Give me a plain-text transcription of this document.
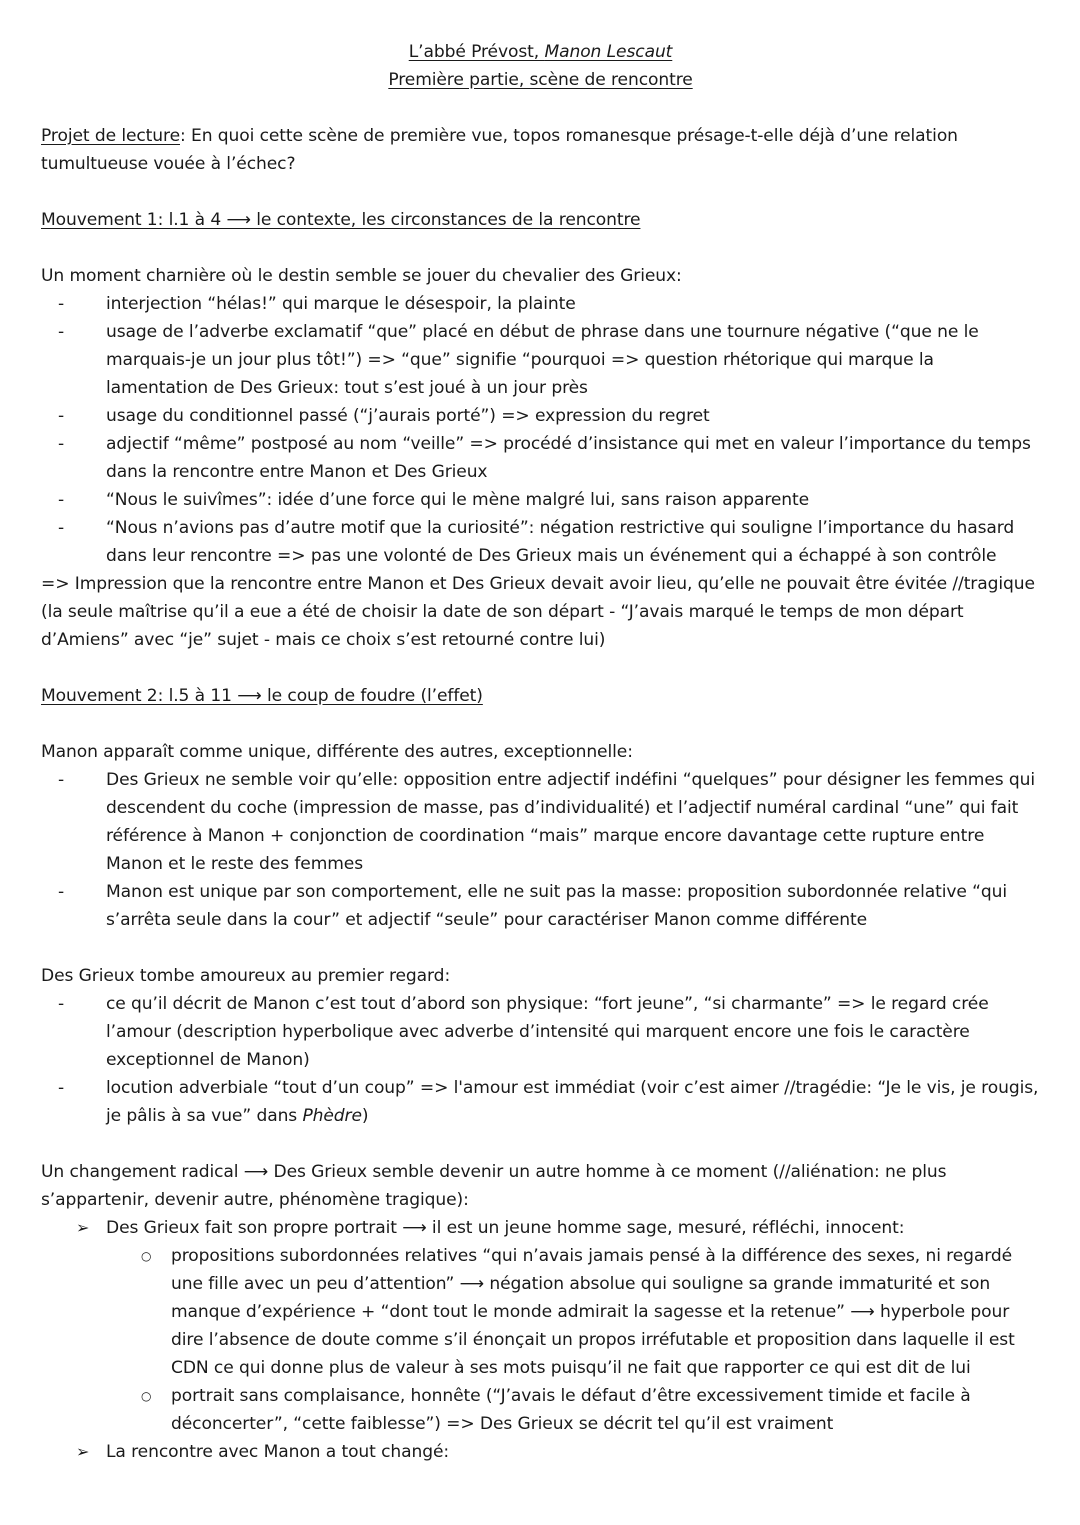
L’abbé Prévost, Manon Lescaut

Première partie, scène de rencontre

Projet de lecture: En quoi cette scène de première vue, topos romanesque présage-t-elle déjà d’une relation tumultueuse vouée à l’échec?

Mouvement 1: l.1 à 4 ⟶ le contexte, les circonstances de la rencontre

Un moment charnière où le destin semble se jouer du chevalier des Grieux:

- interjection “hélas!” qui marque le désespoir, la plainte
- usage de l’adverbe exclamatif “que” placé en début de phrase dans une tournure négative (“que ne le marquais-je un jour plus tôt!”) => “que” signifie “pourquoi => question rhétorique qui marque la lamentation de Des Grieux: tout s’est joué à un jour près
- usage du conditionnel passé (“j’aurais porté”) => expression du regret
- adjectif “même” postposé au nom “veille” => procédé d’insistance qui met en valeur l’importance du temps dans la rencontre entre Manon et Des Grieux
- “Nous le suivîmes”: idée d’une force qui le mène malgré lui, sans raison apparente
- “Nous n’avions pas d’autre motif que la curiosité”: négation restrictive qui souligne l’importance du hasard dans leur rencontre => pas une volonté de Des Grieux mais un événement qui a échappé à son contrôle

=> Impression que la rencontre entre Manon et Des Grieux devait avoir lieu, qu’elle ne pouvait être évitée //tragique (la seule maîtrise qu’il a eue a été de choisir la date de son départ - “J’avais marqué le temps de mon départ d’Amiens” avec “je” sujet - mais ce choix s’est retourné contre lui)

Mouvement 2: l.5 à 11 ⟶ le coup de foudre (l’effet)

Manon apparaît comme unique, différente des autres, exceptionnelle:

- Des Grieux ne semble voir qu’elle: opposition entre adjectif indéfini “quelques” pour désigner les femmes qui descendent du coche (impression de masse, pas d’individualité) et l’adjectif numéral cardinal “une” qui fait référence à Manon + conjonction de coordination “mais” marque encore davantage cette rupture entre Manon et le reste des femmes
- Manon est unique par son comportement, elle ne suit pas la masse: proposition subordonnée relative “qui s’arrêta seule dans la cour” et adjectif “seule” pour caractériser Manon comme différente

Des Grieux tombe amoureux au premier regard:

- ce qu’il décrit de Manon c’est tout d’abord son physique: “fort jeune”, “si charmante” => le regard crée l’amour (description hyperbolique avec adverbe d’intensité qui marquent encore une fois le caractère exceptionnel de Manon)
- locution adverbiale “tout d’un coup” => l'amour est immédiat (voir c’est aimer //tragédie: “Je le vis, je rougis, je pâlis à sa vue” dans Phèdre)

Un changement radical ⟶ Des Grieux semble devenir un autre homme à ce moment (//aliénation: ne plus s’appartenir, devenir autre, phénomène tragique):

➢ Des Grieux fait son propre portrait ⟶ il est un jeune homme sage, mesuré, réfléchi, innocent:
○ propositions subordonnées relatives “qui n’avais jamais pensé à la différence des sexes, ni regardé une fille avec un peu d’attention” ⟶ négation absolue qui souligne sa grande immaturité et son manque d’expérience + “dont tout le monde admirait la sagesse et la retenue” ⟶ hyperbole pour dire l’absence de doute comme s’il énonçait un propos irréfutable et proposition dans laquelle il est CDN ce qui donne plus de valeur à ses mots puisqu’il ne fait que rapporter ce qui est dit de lui
○ portrait sans complaisance, honnête (“J’avais le défaut d’être excessivement timide et facile à déconcerter”, “cette faiblesse”) => Des Grieux se décrit tel qu’il est vraiment
➢ La rencontre avec Manon a tout changé:
